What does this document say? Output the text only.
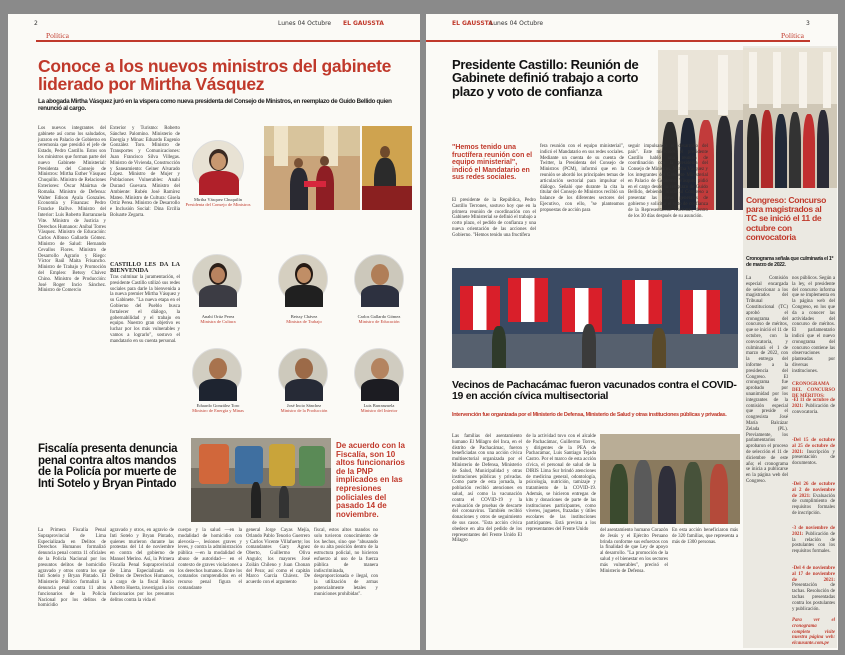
2	Lunes 04 Octubre EL GAUSSTA
Política
Conoce a los nuevos ministros del gabinete liderado por Mirtha Vásquez
La abogada Mirtha Vásquez juró en la víspera como nueva presidenta del Consejo de Ministros, en reemplazo de Guido Bellido quien renunció al cargo.
Los nuevos integrantes del gabinete así como los saludados, juraron en Palacio de Gobierno en ceremonia que presidió el jefe de Estado, Pedro Castillo. Estos son los ministros que forman parte del nuevo Gabinete Ministerial: Presidenta del Consejo de Ministros: Mirtha Esther Vásquez Chuquilín. Ministro de Relaciones Exteriores: Óscar Maúrtua de Romaña. Ministro de Defensa: Walter Edison Ayala Gonzales. Economía y Finanzas: Pedro Francke Ballve. Ministro del Interior: Luis Roberto Barranzuela Vite. Ministro de Justicia y Derechos Humanos: Aníbal Torres Vásquez. Ministro de Educación: Carlos Alfonso Gallardo Gómez. Ministro de Salud: Hernando Cevallos Flores. Ministro de Desarrollo Agrario y Riego: Víctor Raúl Maita Frisancho. Ministro de Trabajo y Promoción del Empleo: Betssy Chávez Chino. Ministro de Producción: José Roger Incio Sánchez. Ministro de Comercio
Exterior y Turismo: Roberto Sánchez Palomino. Ministerio de Energía y Minas: Eduardo Eugenio González Toro. Ministro de Transportes y Comunicaciones: Juan Francisco Silva Villegas. Ministro de Vivienda, Construcción y Saneamiento: Geiner Alvarado López. Ministro de Mujer y Poblaciones Vulnerables: Anahí Durand Guevara. Ministro del Ambiente: Rubén José Ramírez Mateo. Ministro de Cultura: Gisela Ortiz Perea. Ministro de Desarrollo e Inclusión Social: Dina Ercilia Boluarte Zegarra.
CASTILLO LES DA LA BIENVENIDA
Tras culminar la juramentación, el presidente Castillo utilizó sus redes sociales para darle la bienvenida a la nueva premier Mirtha Vásquez y su Gabinete. "La nueva etapa en el Gobierno del Pueblo busca fortalecer el diálogo, la gobernabilidad y el trabajo en equipo. Nuestro gran objetivo es luchar por los más vulnerables y vamos a lograrlo", sostuvo el mandatario en su cuenta personal.
Mirtha Vásquez Chuquilín
Presidenta del Consejo de Ministros
Anahí Ortiz Perea
Ministra de Cultura
Betssy Chávez
Ministra de Trabajo
Carlos Gallardo Gómez
Ministro de Educación
Eduardo González Toro
Ministro de Energía y Minas
José Incio Sánchez
Ministro de la Producción
Luis Barranzuela
Ministro del Interior
Fiscalía presenta denuncia penal contra altos mandos de la Policía por muerte de Inti Sotelo y Bryan Pintado
De acuerdo con la Fiscalía, son 10 altos funcionarios de la PNP implicados en las represiones policiales del pasado 14 de noviembre.
La Primera Fiscalía Penal Supraprovincial de Lima Especializada en Delitos de Derechos Humanos formalizó denuncia penal contra 11 oficiales de la Policía Nacional por los presuntos delitos de homicidio agravado y otros contra los que Inti Sotelo y Bryan Pintado. El Ministerio Público formalizó la denuncia penal contra 11 altos funcionarios de la Policía Nacional por los delitos de homicidio
agravado y otros, en agravio de Inti Sotelo y Bryan Pintado, quienes murieron durante las protestas del 14 de noviembre en contra del gobierno de Manuel Merino. Así, la Primera Fiscalía Penal Supraprovincial de Lima Especializada en Delitos de Derechos Humanos, a cargo de la fiscal Rocío Alberto Huerta, investigará a los funcionarios por los presuntos delitos contra la vida el
cuerpo y la salud —en la modalidad de homicidio con alevosía—, lesiones graves y leves, y contra la administración pública —en la modalidad de abuso de autoridad— en el contexto de graves violaciones a los derechos humanos. Entre los comandos comprendidos en el recurso penal figura el comandante
general Jorge Cayas Mejía, Orlando Pablo Tenorio Guerrero y Carlos Vicente Villafuerte; los comandantes Gary Ágnez Oberto, Guillermo Oliva Angulo; los mayores José Zoilán Chileno y Juan Chonan del Pezo; así como el capitán Marco García Chávez. De acuerdo con el argumento
fiscal, estos altos mandos no solo tuvieron conocimiento de los hechos, sino que "abusando de su alta posición dentro de la estructura policial, no hicieron esfuerzo al uso de la fuerza pública de manera indiscriminada, desproporcionada e ilegal, con la utilización de armas potencialmente letales y municiones prohibidas".
EL GAUSSTA
Lunes 04 Octubre	3
Política
Presidente Castillo: Reunión de Gabinete definió trabajo a corto plazo y voto de confianza
"Hemos tenido una fructífera reunión con el equipo ministerial", indicó el Mandatario en sus redes sociales.
El presidente de la República, Pedro Castillo Terrones, sostuvo hoy que en la primera reunión de coordinación con el Gabinete Ministerial se definió el trabajo a corto plazo, el pedido de confianza y una nueva orientación de las acciones del Gobierno. "Hemos tenido una fructífera
fera reunión con el equipo ministerial", indicó el Mandatario en sus redes sociales. Mediante un cuenta de su cuenta de Twitter, la Presidenta del Consejo de Ministros (PCM), informó que en la reunión se abordó los principales temas de articulación sectorial para impulsar el diálogo. Señaló que durante la cita la titular del Consejo de Ministros recibió un balance de los diferentes sectores del Ejecutivo, con ello, "se planteamos propuestas de acción para
seguir impulsando el desarrollo del país". Este miércoles el presidente Castillo habló una reunión de coordinación con la presidenta del Consejo de Ministros, Mirtha Vásquez y los integrantes del Gabinete Ministerial en Palacio de Gobierno. Vásquez pidió en el cargo desde su remplazo de Guido Bellido, debiendo acudir al Congreso a presentar las líneas generales de gobierno y solicitar el voto de confianza de la Representación Nacional, dentro de los 30 días después de su asunción.
Vecinos de Pachacámac fueron vacunados contra el COVID-19 en acción cívica multisectorial
Intervención fue organizada por el Ministerio de Defensa, Ministerio de Salud y otras instituciones públicas y privadas.
Las familias del asentamiento humano El Milagro del Inca, en el distrito de Pachacámac, fueron beneficiadas con una acción cívica multisectorial organizada por el Ministerio de Defensa, Ministerio de Salud, Municipalidad y otras instituciones públicas y privadas. Como parte de esta jornada, la población recibió atenciones en salud, así como la vacunación contra el COVID-19 y la evaluación de pruebas de descarte del coronavirus. También recibió donaciones y otros de seguimiento de sus casos. "Esta acción cívica obedece en alta del pedido de los representantes del Frente Unido El Milagro
de la actividad tuvo con el alcalde de Pachacámac, Guillermo Torres, y dirigentes de la PEA de Pachacámac, Luis Santiago Tejada Castro. Por el marco de esta acción cívica, el personal de salud de la DIRIS Lima Sur brindó atenciones de medicina general, odontología, psicología, nutrición, tamizaje y tratamiento de la COVID-19. Además, se hicieron entregas de kits y donaciones de parte de las instituciones participantes, como víveres, juguetes, frazadas y útiles escolares de las instituciones participantes. Está prevista a los representantes del Frente Unido	del asentamiento humano Corazón de Jesús y el Ejército Peruano brinda conforme sus esfuerzos con la finalidad de que Ley de apoyo al desarrollo. "La promoción de la salud y el bienestar en los sectores más vulnerables", precisó el Ministerio de Defensa.
En esta acción beneficiaron más de 320 familias, que representa a más de 1300 personas.
Congreso: Concurso para magistrados al TC se inició el 11 de octubre con convocatoria
Cronograma señala que culminaría el 1º de marzo de 2022.
La Comisión especial encargada de seleccionar a los magistrados del Tribunal Constitucional (TC) aprobó el cronograma del concurso de méritos, que se inició el 11 de octubre, con la convocatoria, y culminará el 1 de marzo de 2022, con la entrega del informe a la presidencia del Congreso. El cronograma fue aprobado por unanimidad por los integrantes de la comisión especial que preside el congresista José María Balcázar Zelada (PL). Previamente, los parlamentarios aprobaron el proceso de selección el 11 de diciembre de este año; el cronograma se inicia a publicarse en la página web del Congreso.
nos públicos. Según a la ley, el presidente del concurso informa que se implementa en la página web del Congreso, en los que da a conocer las actividades del concurso de méritos. El parlamentario indicó que el nuevo cronograma del concurso contiene las observaciones planteadas por diversas instituciones.
CRONOGRAMA DEL CONCURSO DE MÉRITOS:
-El 11 de octubre de 2021: Publicación de convocatoria.
-Del 15 de octubre al 25 de octubre de 2021: Inscripción y presentación de documentos.
-Del 26 de octubre al 2 de noviembre de 2021: Evaluación de cumplimiento de requisitos formales de inscripción.
-3 de noviembre de 2021: Publicación de la relación de postulantes con los requisitos formales.
-Del 4 de noviembre al 17 de noviembre de 2021: Presentación de tachas. Resolución de tachas presentadas contra los postulantes y publicación.
Para ver el cronograma completo visite nuestra página web: elcausante.com.pe
